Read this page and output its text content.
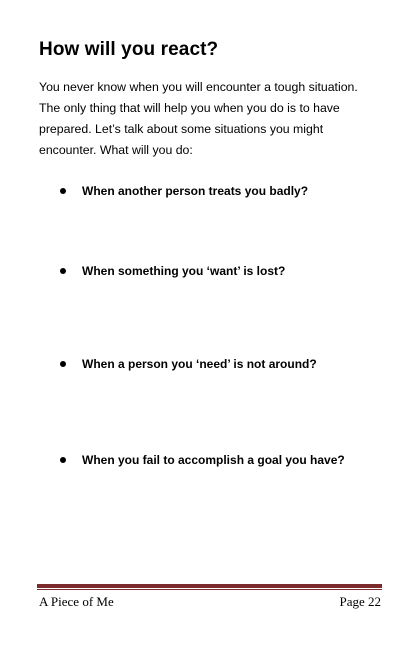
How will you react?

You never know when you will encounter a tough situation.
The only thing that will help you when you do is to have
prepared. Let’s talk about some situations you might
encounter. What will you do:

When another person treats you badly?
When something you ‘want’ is lost?
When a person you ‘need’ is not around?
When you fail to accomplish a goal you have?
A Piece of Me	Page 22
